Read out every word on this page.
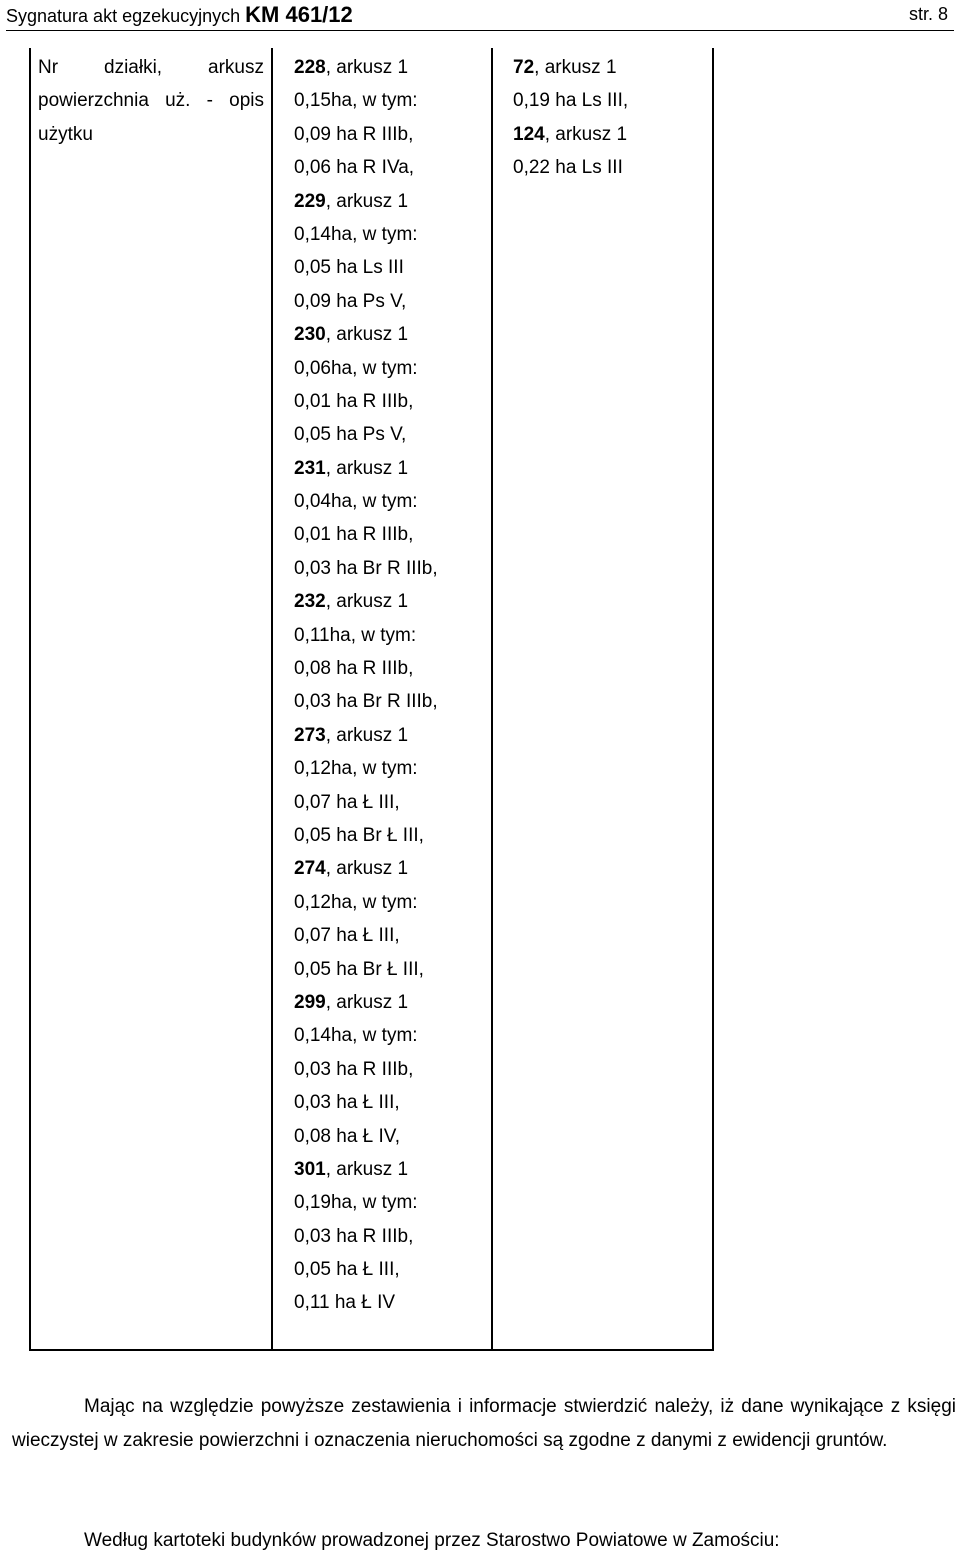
Sygnatura akt egzekucyjnych KM 461/12	str. 8
Nr działki, arkusz
powierzchnia uż. - opis
użytku
228, arkusz 1
0,15ha, w tym:
0,09 ha R IIIb,
0,06 ha R IVa,
229, arkusz 1
0,14ha, w tym:
0,05 ha Ls III
0,09 ha Ps V,
230, arkusz 1
0,06ha, w tym:
0,01 ha R IIIb,
0,05 ha Ps V,
231, arkusz 1
0,04ha, w tym:
0,01 ha R IIIb,
0,03 ha Br R IIIb,
232, arkusz 1
0,11ha, w tym:
0,08 ha R IIIb,
0,03 ha Br R IIIb,
273, arkusz 1
0,12ha, w tym:
0,07 ha Ł III,
0,05 ha Br Ł III,
274, arkusz 1
0,12ha, w tym:
0,07 ha Ł III,
0,05 ha Br Ł III,
299, arkusz 1
0,14ha, w tym:
0,03 ha R IIIb,
0,03 ha Ł III,
0,08 ha Ł IV,
301, arkusz 1
0,19ha, w tym:
0,03 ha R IIIb,
0,05 ha Ł III,
0,11 ha Ł IV
72, arkusz 1
0,19 ha Ls III,
124, arkusz 1
0,22 ha Ls III
Mając na względzie powyższe zestawienia i informacje stwierdzić należy, iż dane wynikające z księgi wieczystej w zakresie powierzchni i oznaczenia nieruchomości są zgodne z danymi z ewidencji gruntów.
Według kartoteki budynków prowadzonej przez Starostwo Powiatowe w Zamościu:
